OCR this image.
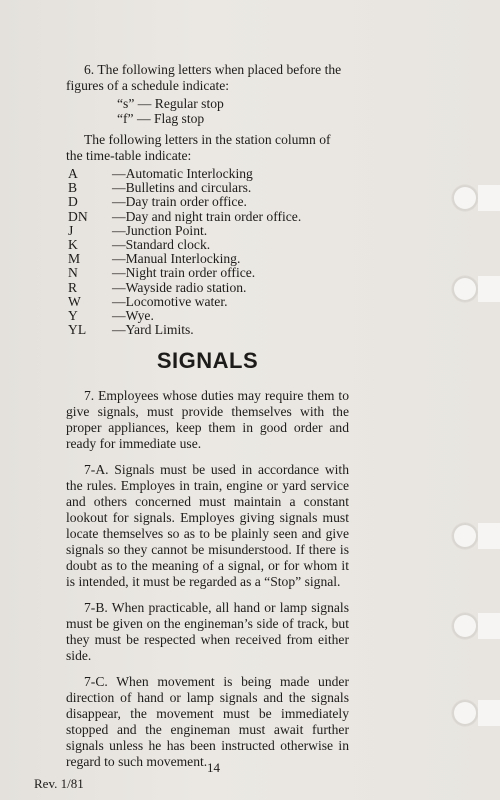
6. The following letters when placed before the figures of a schedule indicate:

“s” — Regular stop
“f” — Flag stop

The following letters in the station column of the time-table indicate:

A	—Automatic Interlocking
B	—Bulletins and circulars.
D	—Day train order office.
DN	—Day and night train order office.
J	—Junction Point.
K	—Standard clock.
M	—Manual Interlocking.
N	—Night train order office.
R	—Wayside radio station.
W	—Locomotive water.
Y	—Wye.
YL	—Yard Limits.
SIGNALS

7. Employees whose duties may require them to give signals, must provide themselves with the proper appliances, keep them in good order and ready for immediate use.

7-A. Signals must be used in accordance with the rules. Employes in train, engine or yard service and others concerned must maintain a constant lookout for signals. Employes giving signals must locate themselves so as to be plainly seen and give signals so they cannot be misunderstood. If there is doubt as to the meaning of a signal, or for whom it is intended, it must be regarded as a “Stop” signal.

7-B. When practicable, all hand or lamp signals must be given on the engineman’s side of track, but they must be respected when received from either side.

7-C. When movement is being made under direction of hand or lamp signals and the signals disappear, the movement must be immediately stopped and the engineman must await further signals unless he has been instructed otherwise in regard to such movement. 14
Rev. 1/81
